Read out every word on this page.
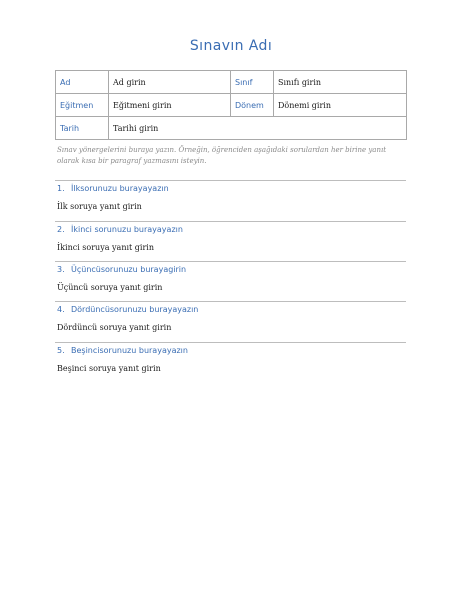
Sınavın Adı
Ad	Ad girin	Sınıf	Sınıfı girin
Eğitmen	Eğitmeni girin	Dönem	Dönemi girin
Tarih	Tarihi girin		
Sınav yönergelerini buraya yazın. Örneğin, öğrenciden aşağıdaki sorulardan her birine yanıt olarak kısa bir paragraf yazmasını isteyin.
1. İlksorunuzu burayayazın
İlk soruya yanıt girin
2. İkinci sorunuzu burayayazın
İkinci soruya yanıt girin
3. Üçüncüsorunuzu burayagirin
Üçüncü soruya yanıt girin
4. Dördüncüsorunuzu burayayazın
Dördüncü soruya yanıt girin
5. Beşincisorunuzu burayayazın
Beşinci soruya yanıt girin
